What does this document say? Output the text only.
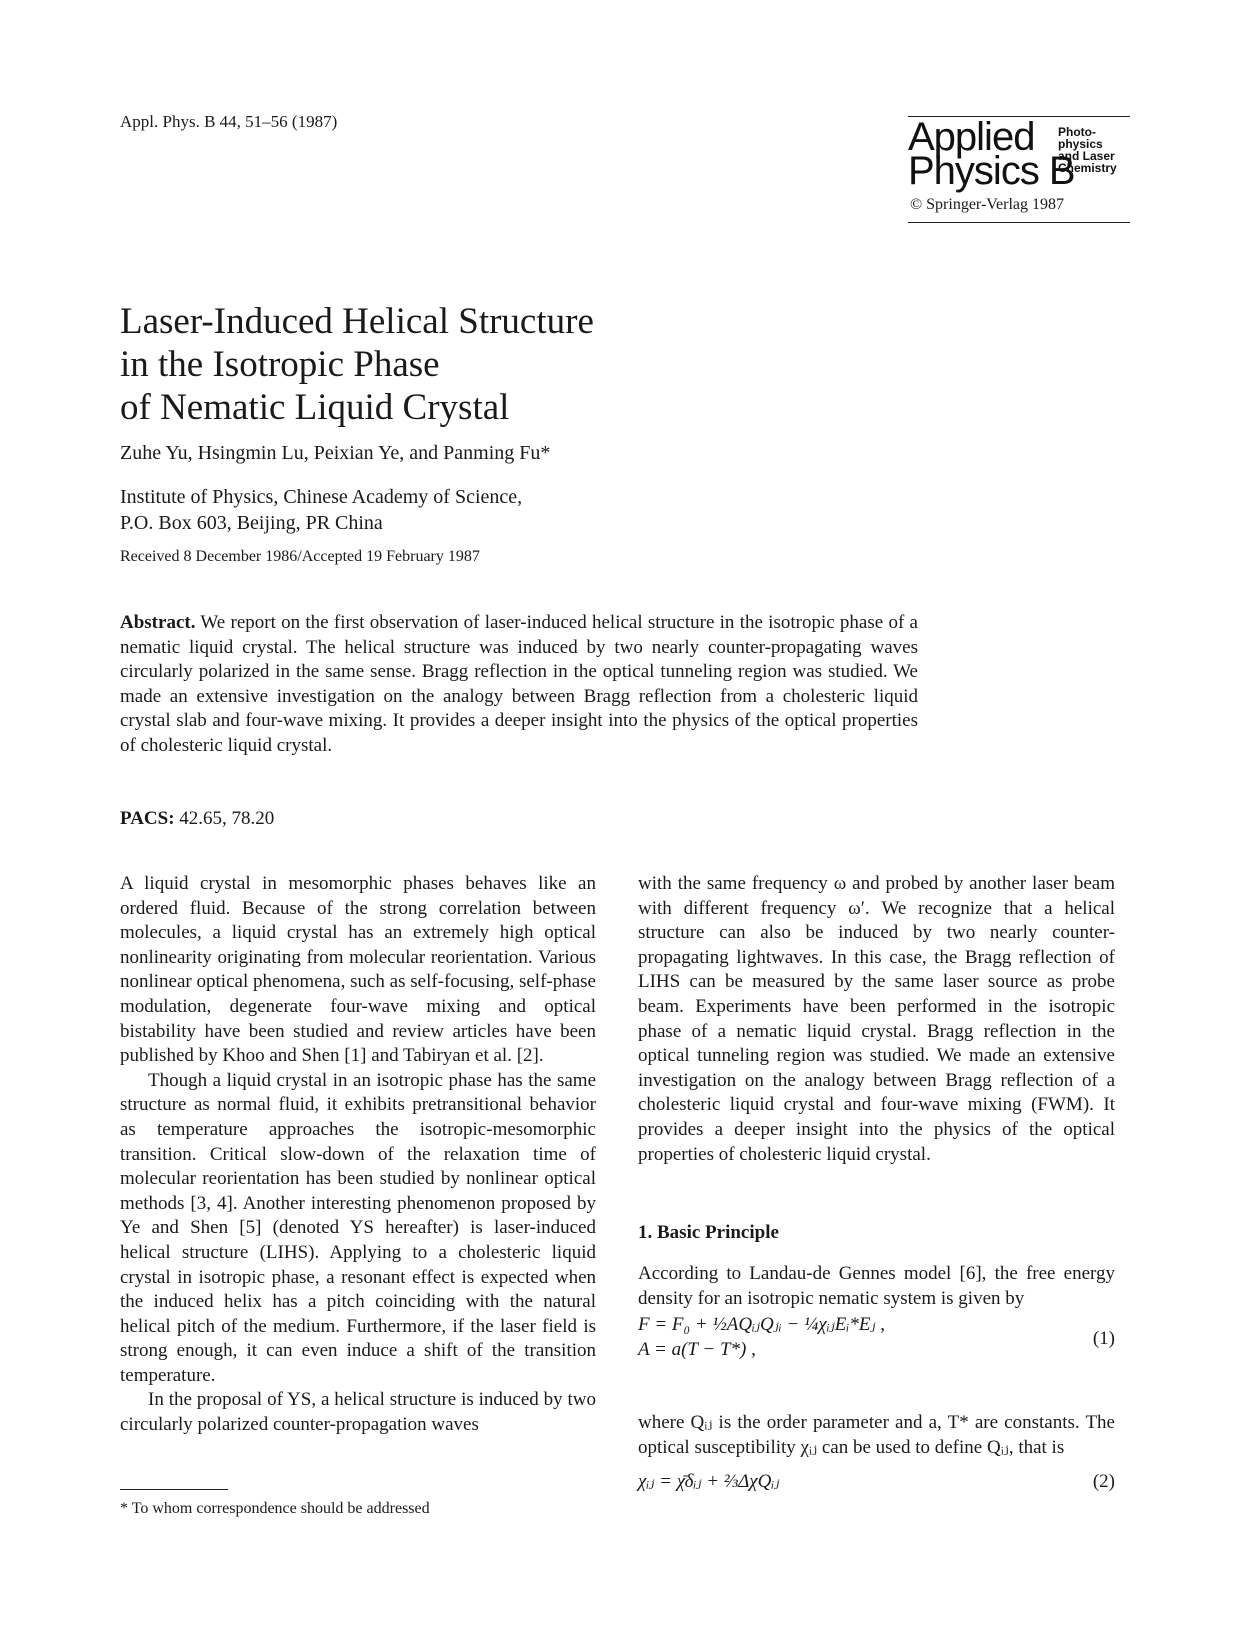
Appl. Phys. B 44, 51–56 (1987)	Applied
Physics B
Photo-
physics
and Laser
Chemistry
© Springer-Verlag 1987
Laser-Induced Helical Structure
in the Isotropic Phase
of Nematic Liquid Crystal
Zuhe Yu, Hsingmin Lu, Peixian Ye, and Panming Fu*
Institute of Physics, Chinese Academy of Science,
P.O. Box 603, Beijing, PR China
Received 8 December 1986/Accepted 19 February 1987

Abstract. We report on the first observation of laser-induced helical structure in the isotropic phase of a nematic liquid crystal. The helical structure was induced by two nearly counter-propagating waves circularly polarized in the same sense. Bragg reflection in the optical tunneling region was studied. We made an extensive investigation on the analogy between Bragg reflection from a cholesteric liquid crystal slab and four-wave mixing. It provides a deeper insight into the physics of the optical properties of cholesteric liquid crystal.

PACS: 42.65, 78.20

A liquid crystal in mesomorphic phases behaves like an ordered fluid. Because of the strong correlation between molecules, a liquid crystal has an extremely high optical nonlinearity originating from molecular reorientation. Various nonlinear optical phenomena, such as self-focusing, self-phase modulation, degenerate four-wave mixing and optical bistability have been studied and review articles have been published by Khoo and Shen [1] and Tabiryan et al. [2].

Though a liquid crystal in an isotropic phase has the same structure as normal fluid, it exhibits pretransitional behavior as temperature approaches the isotropic-mesomorphic transition. Critical slow-down of the relaxation time of molecular reorientation has been studied by nonlinear optical methods [3, 4]. Another interesting phenomenon proposed by Ye and Shen [5] (denoted YS hereafter) is laser-induced helical structure (LIHS). Applying to a cholesteric liquid crystal in isotropic phase, a resonant effect is expected when the induced helix has a pitch coinciding with the natural helical pitch of the medium. Furthermore, if the laser field is strong enough, it can even induce a shift of the transition temperature.

In the proposal of YS, a helical structure is induced by two circularly polarized counter-propagation waves

* To whom correspondence should be addressed

with the same frequency ω and probed by another laser beam with different frequency ω′. We recognize that a helical structure can also be induced by two nearly counter-propagating lightwaves. In this case, the Bragg reflection of LIHS can be measured by the same laser source as probe beam. Experiments have been performed in the isotropic phase of a nematic liquid crystal. Bragg reflection in the optical tunneling region was studied. We made an extensive investigation on the analogy between Bragg reflection of a cholesteric liquid crystal and four-wave mixing (FWM). It provides a deeper insight into the physics of the optical properties of cholesteric liquid crystal.

1. Basic Principle

According to Landau-de Gennes model [6], the free energy density for an isotropic nematic system is given by

F = F₀ + ½AQᵢⱼQⱼᵢ − ¼χᵢⱼEᵢ*Eⱼ ,
A = a(T − T*) ,
(1)

where Qᵢⱼ is the order parameter and a, T* are constants. The optical susceptibility χᵢⱼ can be used to define Qᵢⱼ, that is

χᵢⱼ = χ̄δᵢⱼ + ⅔ΔχQᵢⱼ	(2)
